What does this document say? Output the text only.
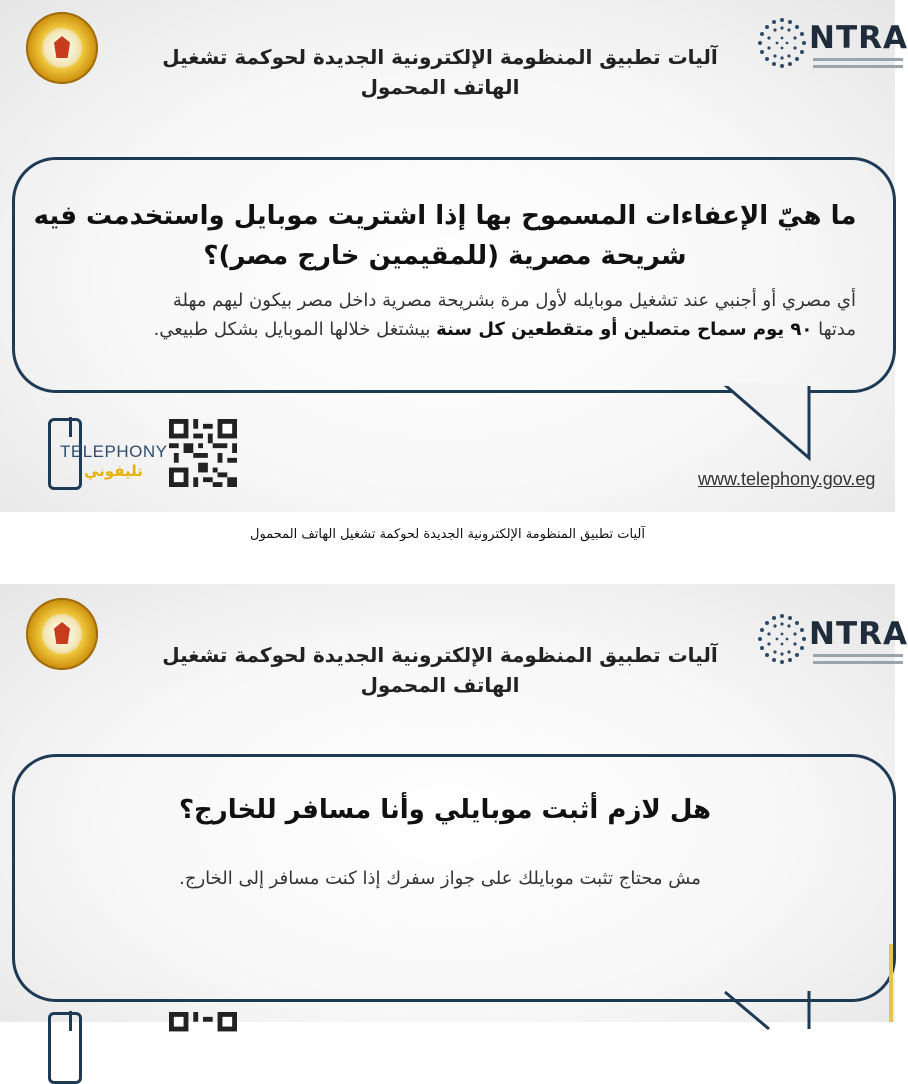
آليات تطبيق المنظومة الإلكترونية الجديدة لحوكمة تشغيل
الهاتف المحمول
NTRA
ما هيّ الإعفاءات المسموح بها إذا اشتريت موبايل واستخدمت فيه
شريحة مصرية (للمقيمين خارج مصر)؟
أي مصري أو أجنبي عند تشغيل موبايله لأول مرة بشريحة مصرية داخل مصر بيكون ليهم مهلة
مدتها ٩٠ يوم سماح متصلين أو متقطعين كل سنة بيشتغل خلالها الموبايل بشكل طبيعي.
TELEPHONY
تليفوني	www.telephony.gov.eg
آليات تطبيق المنظومة الإلكترونية الجديدة لحوكمة تشغيل الهاتف المحمول
آليات تطبيق المنظومة الإلكترونية الجديدة لحوكمة تشغيل
الهاتف المحمول
NTRA
هل لازم أثبت موبايلي وأنا مسافر للخارج؟
مش محتاج تثبت موبايلك على جواز سفرك إذا كنت مسافر إلى الخارج.
